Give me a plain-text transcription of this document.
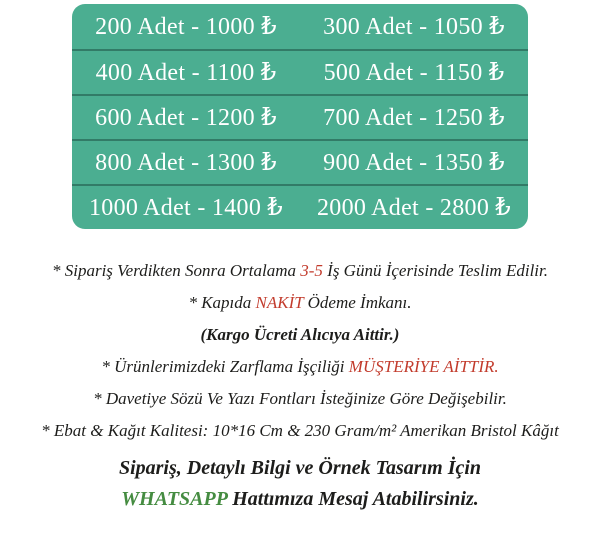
200 Adet - 1000 ₺	300 Adet - 1050 ₺
400 Adet - 1100 ₺	500 Adet - 1150 ₺
600 Adet - 1200 ₺	700 Adet - 1250 ₺
800 Adet - 1300 ₺	900 Adet - 1350 ₺
1000 Adet - 1400 ₺	2000 Adet - 2800 ₺

* Sipariş Verdikten Sonra Ortalama 3-5 İş Günü İçerisinde Teslim Edilir.

* Kapıda NAKİT Ödeme İmkanı.

(Kargo Ücreti Alıcıya Aittir.)

* Ürünlerimizdeki Zarflama İşçiliği MÜŞTERİYE AİTTİR.

* Davetiye Sözü Ve Yazı Fontları İsteğinize Göre Değişebilir.

* Ebat & Kağıt Kalitesi: 10*16 Cm & 230 Gram/m² Amerikan Bristol Kâğıt

Sipariş, Detaylı Bilgi ve Örnek Tasarım İçin

WHATSAPP Hattımıza Mesaj Atabilirsiniz.
